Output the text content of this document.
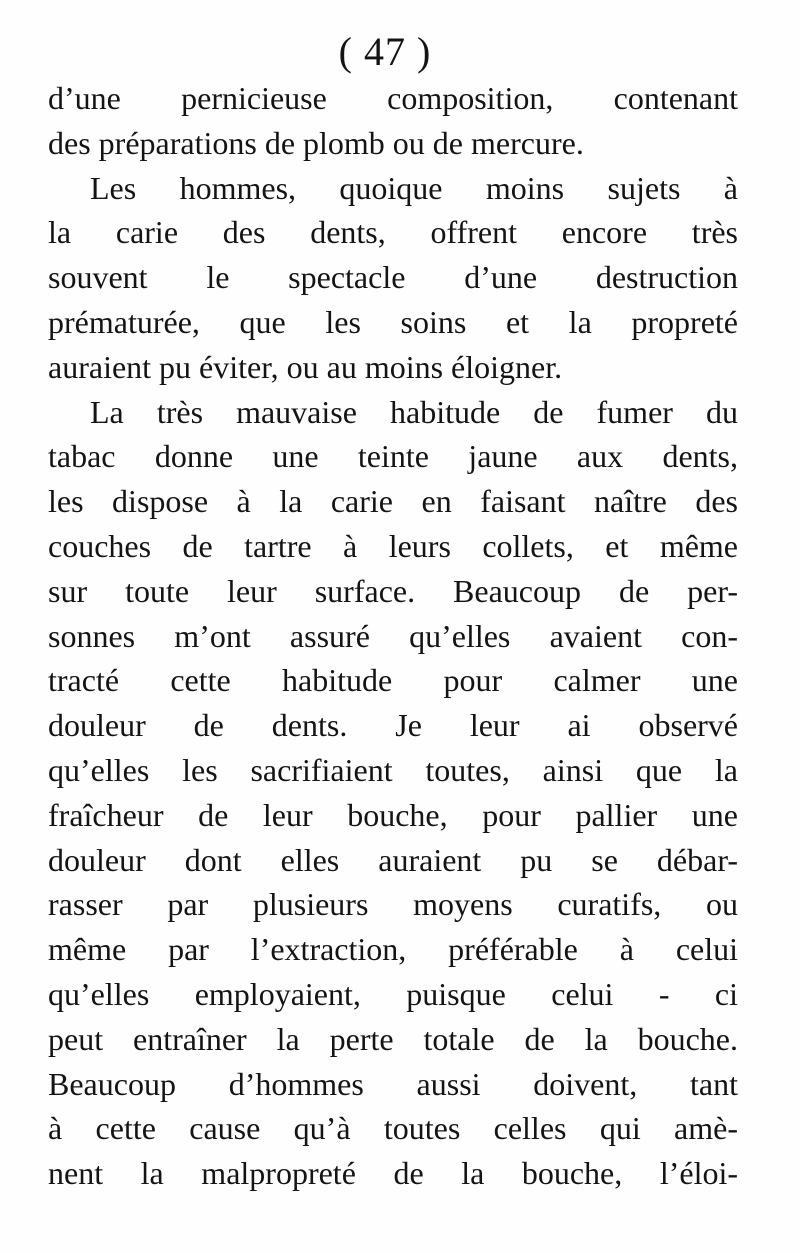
( 47 )
d’une pernicieuse composition, contenant
des préparations de plomb ou de mercure.
Les hommes, quoique moins sujets à
la carie des dents, offrent encore très
souvent le spectacle d’une destruction
prématurée, que les soins et la propreté
auraient pu éviter, ou au moins éloigner.
La très mauvaise habitude de fumer du
tabac donne une teinte jaune aux dents,
les dispose à la carie en faisant naître des
couches de tartre à leurs collets, et même
sur toute leur surface. Beaucoup de per-
sonnes m’ont assuré qu’elles avaient con-
tracté cette habitude pour calmer une
douleur de dents. Je leur ai observé
qu’elles les sacrifiaient toutes, ainsi que la
fraîcheur de leur bouche, pour pallier une
douleur dont elles auraient pu se débar-
rasser par plusieurs moyens curatifs, ou
même par l’extraction, préférable à celui
qu’elles employaient, puisque celui - ci
peut entraîner la perte totale de la bouche.
Beaucoup d’hommes aussi doivent, tant
à cette cause qu’à toutes celles qui amè-
nent la malpropreté de la bouche, l’éloi-
